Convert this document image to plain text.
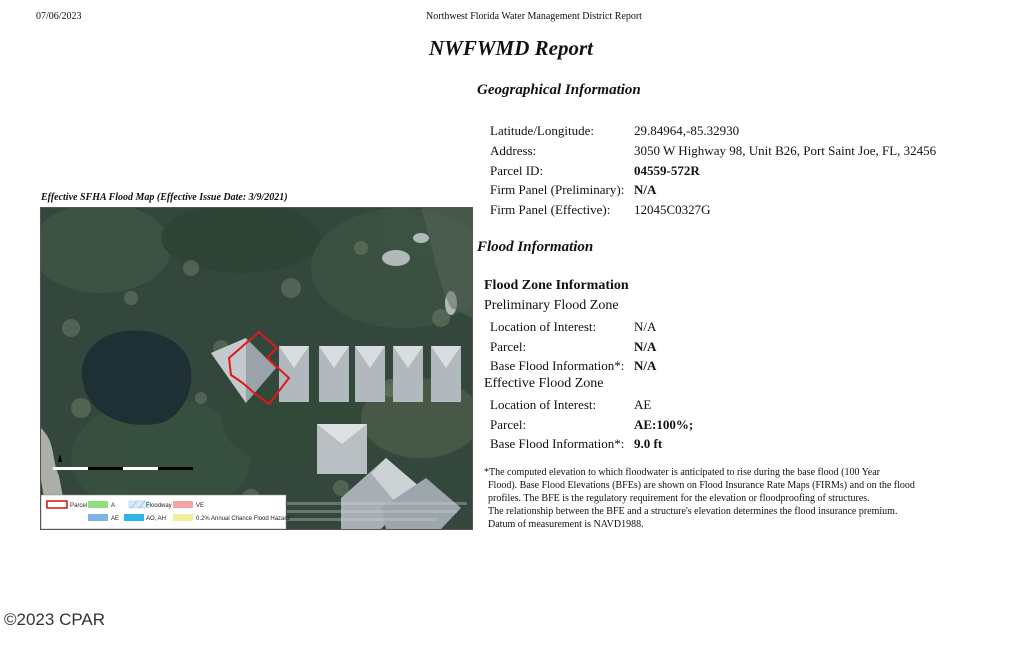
07/06/2023	Northwest Florida Water Management District Report
NWFWMD Report
Geographical Information
Latitude/Longitude:	29.84964,-85.32930
Address:	3050 W Highway 98, Unit B26, Port Saint Joe, FL, 32456
Parcel ID:	04559-572R
Firm Panel (Preliminary): N/A
Firm Panel (Effective): 12045C0327G
Flood Information
Flood Zone Information
Preliminary Flood Zone
Location of Interest:	N/A
Parcel:	N/A
Base Flood Information*: N/A
Effective Flood Zone
Location of Interest:	AE
Parcel:	AE:100%;
Base Flood Information*: 9.0 ft
*The computed elevation to which floodwater is anticipated to rise during the base flood (100 Year
Flood). Base Flood Elevations (BFEs) are shown on Flood Insurance Rate Maps (FIRMs) and on the flood
profiles. The BFE is the regulatory requirement for the elevation or floodproofing of structures.
The relationship between the BFE and a structure's elevation determines the flood insurance premium.
Datum of measurement is NAVD1988.
Effective SFHA Flood Map (Effective Issue Date: 3/9/2021)
Parcel	A	Floodway	VE
AE	AO, AH	0.2% Annual Chance Flood Hazard
©2023 CPAR
